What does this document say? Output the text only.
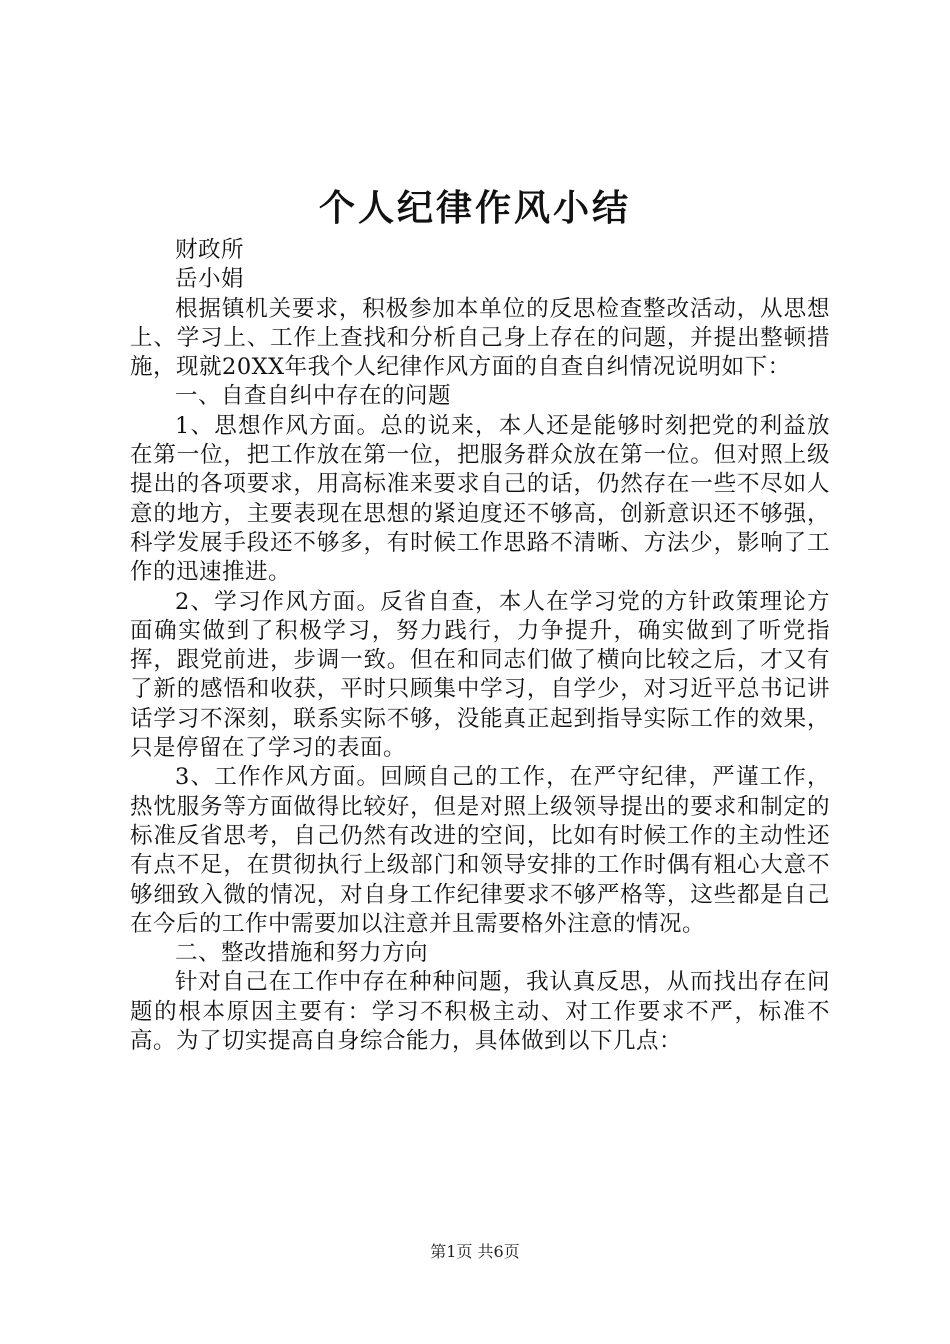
个人纪律作风小结

财政所

岳小娟

根据镇机关要求，积极参加本单位的反思检查整改活动，从思想上、学习上、工作上查找和分析自己身上存在的问题，并提出整顿措施，现就20XX年我个人纪律作风方面的自查自纠情况说明如下：

一、自查自纠中存在的问题

1、思想作风方面。总的说来，本人还是能够时刻把党的利益放在第一位，把工作放在第一位，把服务群众放在第一位。但对照上级提出的各项要求，用高标准来要求自己的话，仍然存在一些不尽如人意的地方，主要表现在思想的紧迫度还不够高，创新意识还不够强，科学发展手段还不够多，有时候工作思路不清晰、方法少，影响了工作的迅速推进。

2、学习作风方面。反省自查，本人在学习党的方针政策理论方面确实做到了积极学习，努力践行，力争提升，确实做到了听党指挥，跟党前进，步调一致。但在和同志们做了横向比较之后，才又有了新的感悟和收获，平时只顾集中学习，自学少，对习近平总书记讲话学习不深刻，联系实际不够，没能真正起到指导实际工作的效果，只是停留在了学习的表面。

3、工作作风方面。回顾自己的工作，在严守纪律，严谨工作，热忱服务等方面做得比较好，但是对照上级领导提出的要求和制定的标准反省思考，自己仍然有改进的空间，比如有时候工作的主动性还有点不足，在贯彻执行上级部门和领导安排的工作时偶有粗心大意不够细致入微的情况，对自身工作纪律要求不够严格等，这些都是自己在今后的工作中需要加以注意并且需要格外注意的情况。

二、整改措施和努力方向

针对自己在工作中存在种种问题，我认真反思，从而找出存在问题的根本原因主要有：学习不积极主动、对工作要求不严，标准不高。为了切实提高自身综合能力，具体做到以下几点：

第1页 共6页
